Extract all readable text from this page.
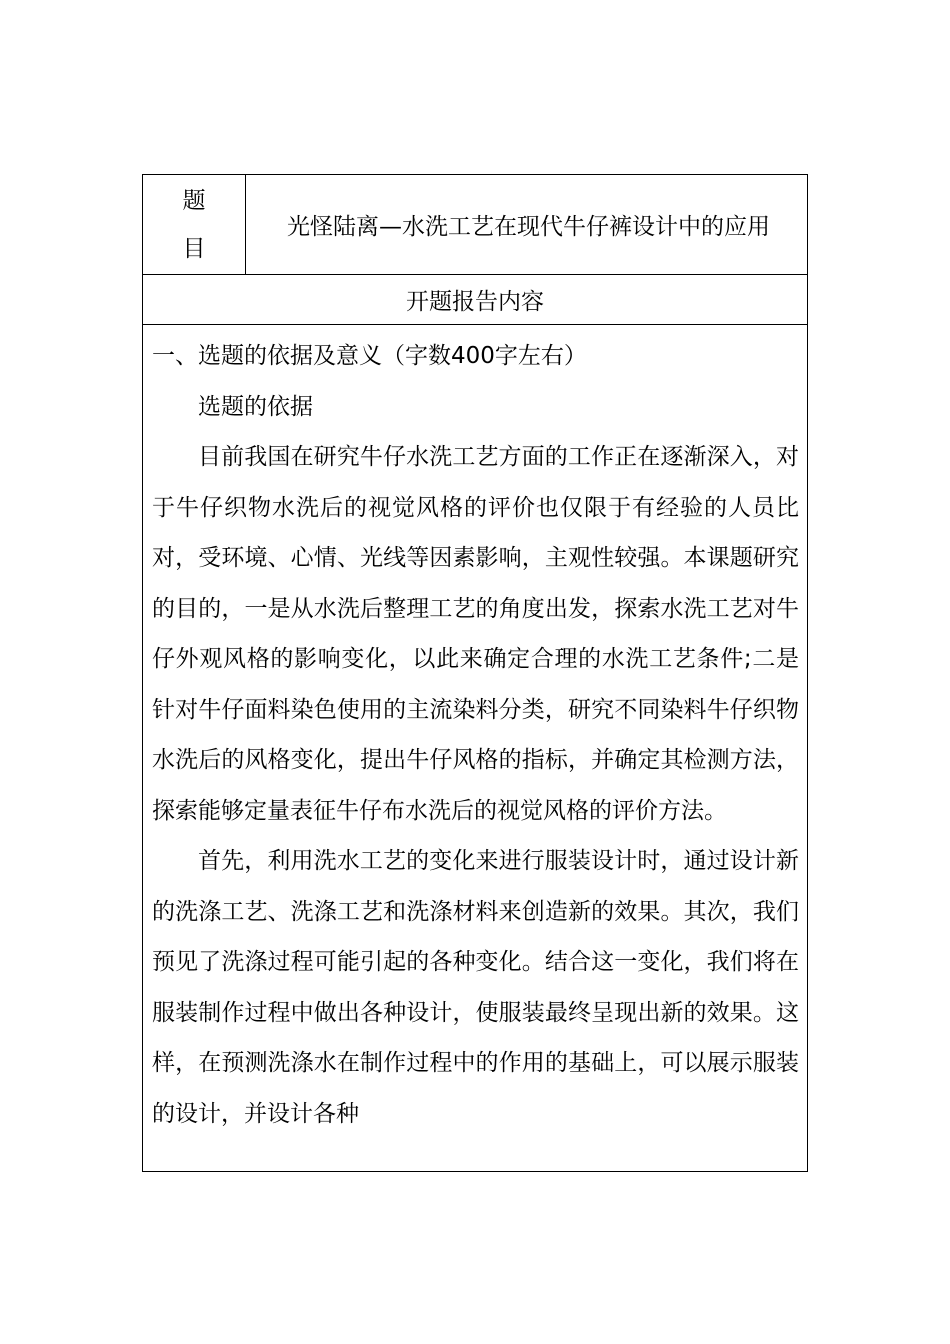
题
目
光怪陆离—水洗工艺在现代牛仔裤设计中的应用
开题报告内容

一、选题的依据及意义（字数400字左右）

选题的依据

目前我国在研究牛仔水洗工艺方面的工作正在逐渐深入，对于牛仔织物水洗后的视觉风格的评价也仅限于有经验的人员比对，受环境、心情、光线等因素影响，主观性较强。本课题研究的目的，一是从水洗后整理工艺的角度出发，探索水洗工艺对牛仔外观风格的影响变化，以此来确定合理的水洗工艺条件;二是针对牛仔面料染色使用的主流染料分类，研究不同染料牛仔织物水洗后的风格变化，提出牛仔风格的指标，并确定其检测方法，探索能够定量表征牛仔布水洗后的视觉风格的评价方法。

首先，利用洗水工艺的变化来进行服装设计时，通过设计新的洗涤工艺、洗涤工艺和洗涤材料来创造新的效果。其次，我们预见了洗涤过程可能引起的各种变化。结合这一变化，我们将在服装制作过程中做出各种设计，使服装最终呈现出新的效果。这样，在预测洗涤水在制作过程中的作用的基础上，可以展示服装的设计，并设计各种
